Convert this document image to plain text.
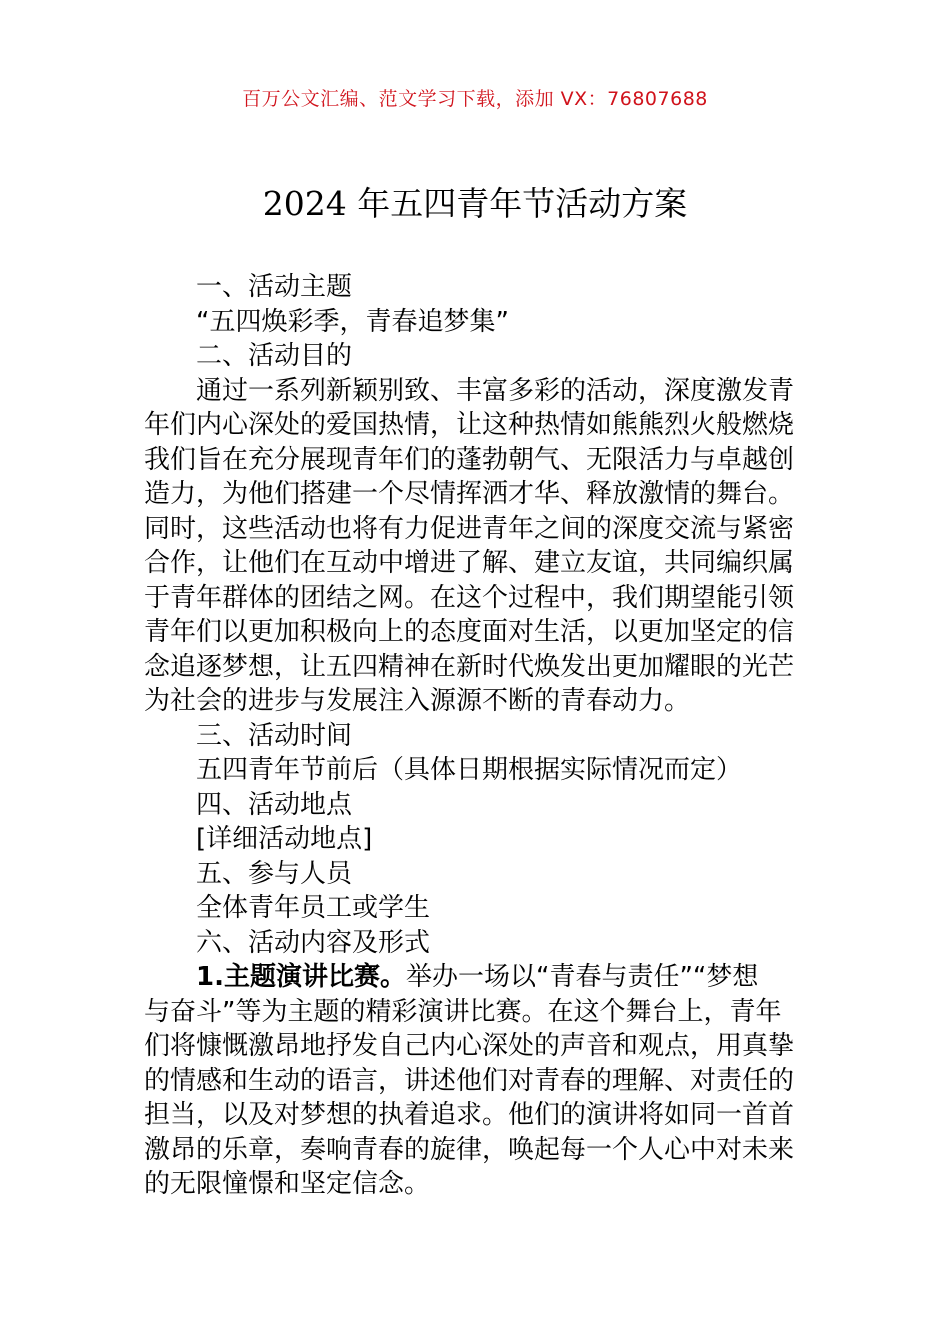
百万公文汇编、范文学习下载，添加 VX：76807688
2024 年五四青年节活动方案

一、活动主题

“五四焕彩季，青春追梦集”

二、活动目的

通过一系列新颖别致、丰富多彩的活动，深度激发青

年们内心深处的爱国热情，让这种热情如熊熊烈火般燃烧

我们旨在充分展现青年们的蓬勃朝气、无限活力与卓越创

造力，为他们搭建一个尽情挥洒才华、释放激情的舞台。

同时，这些活动也将有力促进青年之间的深度交流与紧密

合作，让他们在互动中增进了解、建立友谊，共同编织属

于青年群体的团结之网。在这个过程中，我们期望能引领

青年们以更加积极向上的态度面对生活，以更加坚定的信

念追逐梦想，让五四精神在新时代焕发出更加耀眼的光芒

为社会的进步与发展注入源源不断的青春动力。

三、活动时间

五四青年节前后（具体日期根据实际情况而定）

四、活动地点

[详细活动地点]

五、参与人员

全体青年员工或学生

六、活动内容及形式

1.主题演讲比赛。举办一场以“青春与责任”“梦想

与奋斗”等为主题的精彩演讲比赛。在这个舞台上，青年

们将慷慨激昂地抒发自己内心深处的声音和观点，用真挚

的情感和生动的语言，讲述他们对青春的理解、对责任的

担当，以及对梦想的执着追求。他们的演讲将如同一首首

激昂的乐章，奏响青春的旋律，唤起每一个人心中对未来

的无限憧憬和坚定信念。
